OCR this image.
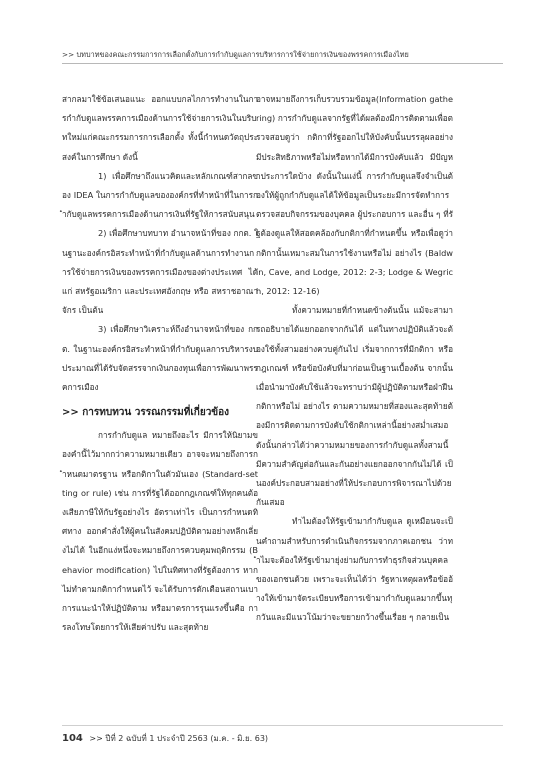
>> บทบาทของคณะกรรมการการเลือกตั้งกับการกำกับดูแลการบริหารการใช้จ่ายการเงินของพรรคการเมืองไทย

สากลมาใช้ข้อเสนอแนะ ออกแบบกลไกการทำงานในการกำกับดูแลพรรคการเมืองด้านการใช้จ่ายการเงินในบริบทใหม่แก่คณะกรรมการการเลือกตั้ง ทั้งนี้กำหนดวัตถุประสงค์ในการศึกษา ดังนี้

1) เพื่อศึกษาถึงแนวคิดและหลักเกณฑ์สากลของ IDEA ในการกำกับดูแลขององค์กรที่ทำหน้าที่ในการกำกับดูแลพรรคการเมืองด้านการเงินที่รัฐให้การสนับสนุน

2) เพื่อศึกษาบทบาท อำนาจหน้าที่ของ กกต. ในฐานะองค์กรอิสระทำหน้าที่กำกับดูแลด้านการทำงานการใช้จ่ายการเงินของพรรคการเมืองของต่างประเทศ ได้แก่ สหรัฐอเมริกา และประเทศอังกฤษ หรือ สหราชอาณาจักร เป็นต้น

3) เพื่อศึกษาวิเคราะห์ถึงอำนาจหน้าที่ของ กกต. ในฐานะองค์กรอิสระทำหน้าที่กำกับดูแลการบริหารงบประมาณที่ได้รับจัดสรรจากเงินกองทุนเพื่อการพัฒนาพรรคการเมือง

>> การทบทวน วรรณกรรมที่เกี่ยวข้อง

การกำกับดูแล หมายถึงอะไร มีการให้นิยามของคำนี้ไว้มากกว่าความหมายเดียว อาจจะหมายถึงการกำหนดมาตรฐาน หรือกติกาในตัวมันเอง (Standard-setting or rule) เช่น การที่รัฐได้ออกกฎเกณฑ์ให้ทุกคนต้องเสียภาษีให้กับรัฐอย่างไร อัตราเท่าไร เป็นการกำหนดทิศทาง ออกคำสั่งให้ผู้คนในสังคมปฏิบัติตามอย่างหลีกเลี่ยงไม่ได้ ในอีกแง่หนึ่งจะหมายถึงการควบคุมพฤติกรรม (Behavior modification) ไปในทิศทางที่รัฐต้องการ หากไม่ทำตามกติกากำหนดไว้ จะได้รับการตักเตือนสถานเบา การแนะนำให้ปฏิบัติตาม หรือมาตรการรุนแรงขึ้นคือ การลงโทษโดยการให้เสียค่าปรับ และสุดท้าย

อาจหมายถึงการเก็บรวบรวมข้อมูล(Information gathering) การกำกับดูแลจากรัฐที่ได้ผลต้องมีการติดตามเพื่อตรวจสอบดูว่า กติกาที่รัฐออกไปให้บังคับนั้นบรรลุผลอย่างมีประสิทธิภาพหรือไม่หรือหากได้มีการบังคับแล้ว มีปัญหาประการใดบ้าง ดังนั้นในแง่นี้ การกำกับดูแลจึงจำเป็นต้องให้ผู้ถูกกำกับดูแลได้ให้ข้อมูลเป็นระยะมีการจัดทำการตรวจสอบกิจกรรมของบุคคล ผู้ประกอบการ และอื่น ๆ ที่รัฐต้องดูแลให้สอดคล้องกับกติกาที่กำหนดขึ้น หรือเพื่อดูว่ากติกานั้นเหมาะสมในการใช้งานหรือไม่ อย่างไร (Baldwin, Cave, and Lodge, 2012: 2-3; Lodge & Wegrich, 2012: 12-16)

ทั้งความหมายที่กำหนดข้างต้นนั้น แม้จะสามารถอธิบายได้แยกออกจากกันได้ แต่ในทางปฏิบัติแล้วจะต้องใช้ทั้งสามอย่างควบคู่กันไป เริ่มจากการที่มีกติกา หรือ กฎเกณฑ์ หรือข้อบังคับที่มาก่อนเป็นฐานเบื้องต้น จากนั้น เมื่อนำมาบังคับใช้แล้วจะทราบว่ามีผู้ปฏิบัติตามหรือฝ่าฝืนกติกาหรือไม่ อย่างไร ตามความหมายที่สองและสุดท้ายต้องมีการติดตามการบังคับใช้กติกาเหล่านี้อย่างสม่ำเสมอ ดังนั้นกล่าวได้ว่าความหมายของการกำกับดูแลทั้งสามนี้ มีความสำคัญต่อกันและกันอย่างแยกออกจากกันไม่ได้ เป็นองค์ประกอบสามอย่างที่ให้ประกอบการพิจารณาไปด้วยกันเสมอ

ทำไมต้องให้รัฐเข้ามากำกับดูแล ดูเหมือนจะเป็นคำถามสำหรับการดำเนินกิจกรรมจากภาคเอกชน ว่าทำไมจะต้องให้รัฐเข้ามายุ่งย่ามกับการทำธุรกิจส่วนบุคคลของเอกชนด้วย เพราะจะเห็นได้ว่า รัฐหาเหตุผลหรือข้ออ้างให้เข้ามาจัดระเบียบหรือการเข้ามากำกับดูแลมากขึ้นทุกวันและมีแนวโน้มว่าจะขยายกว้างขึ้นเรื่อย ๆ กลายเป็น

104 >> ปีที่ 2 ฉบับที่ 1 ประจำปี 2563 (ม.ค. - มิ.ย. 63)
